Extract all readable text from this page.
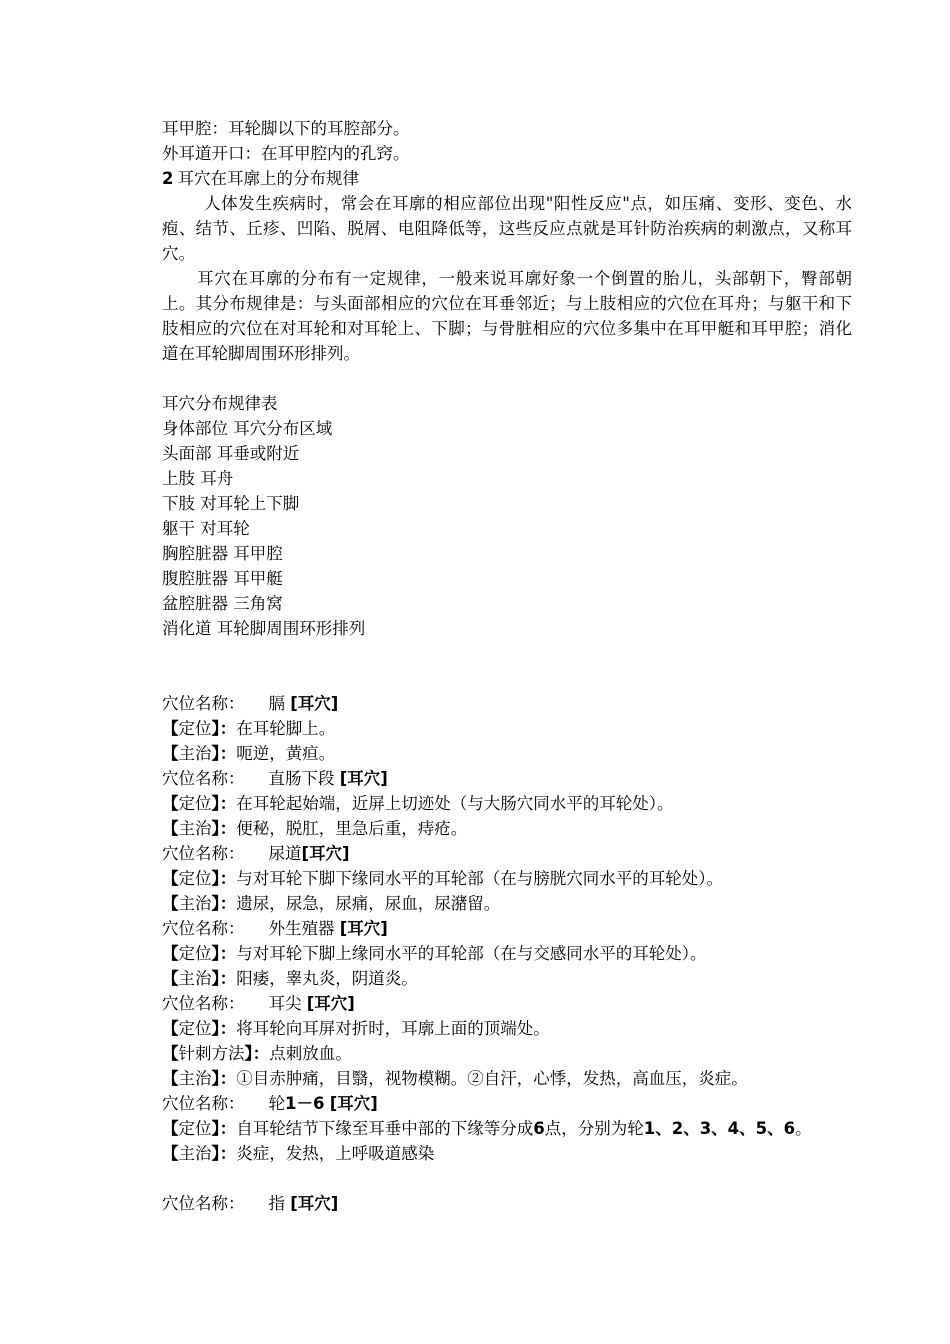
耳甲腔：耳轮脚以下的耳腔部分。
外耳道开口：在耳甲腔内的孔窍。
2 耳穴在耳廓上的分布规律
人体发生疾病时，常会在耳廓的相应部位出现"阳性反应"点，如压痛、变形、变色、水疱、结节、丘疹、凹陷、脱屑、电阻降低等，这些反应点就是耳针防治疾病的刺激点，又称耳穴。
耳穴在耳廓的分布有一定规律，一般来说耳廓好象一个倒置的胎儿，头部朝下，臀部朝上。其分布规律是：与头面部相应的穴位在耳垂邻近；与上肢相应的穴位在耳舟；与躯干和下肢相应的穴位在对耳轮和对耳轮上、下脚；与骨脏相应的穴位多集中在耳甲艇和耳甲腔；消化道在耳轮脚周围环形排列。
耳穴分布规律表
身体部位 耳穴分布区域
头面部 耳垂或附近
上肢 耳舟
下肢 对耳轮上下脚
躯干 对耳轮
胸腔脏器 耳甲腔
腹腔脏器 耳甲艇
盆腔脏器 三角窝
消化道 耳轮脚周围环形排列
穴位名称： 膈 [耳穴]
【定位】：在耳轮脚上。
【主治】：呃逆，黄疸。
穴位名称： 直肠下段 [耳穴]
【定位】：在耳轮起始端，近屏上切迹处（与大肠穴同水平的耳轮处）。
【主治】：便秘，脱肛，里急后重，痔疮。
穴位名称： 尿道[耳穴]
【定位】：与对耳轮下脚下缘同水平的耳轮部（在与膀胱穴同水平的耳轮处）。
【主治】：遗尿，尿急，尿痛，尿血，尿潴留。
穴位名称： 外生殖器 [耳穴]
【定位】：与对耳轮下脚上缘同水平的耳轮部（在与交感同水平的耳轮处）。
【主治】：阳痿，睾丸炎，阴道炎。
穴位名称： 耳尖 [耳穴]
【定位】：将耳轮向耳屏对折时，耳廓上面的顶端处。
【针刺方法】：点刺放血。
【主治】：①目赤肿痛，目翳，视物模糊。②自汗，心悸，发热，高血压，炎症。
穴位名称： 轮1－6 [耳穴]
【定位】：自耳轮结节下缘至耳垂中部的下缘等分成6点，分别为轮1、2、3、4、5、6。
【主治】：炎症，发热，上呼吸道感染
穴位名称： 指 [耳穴]
